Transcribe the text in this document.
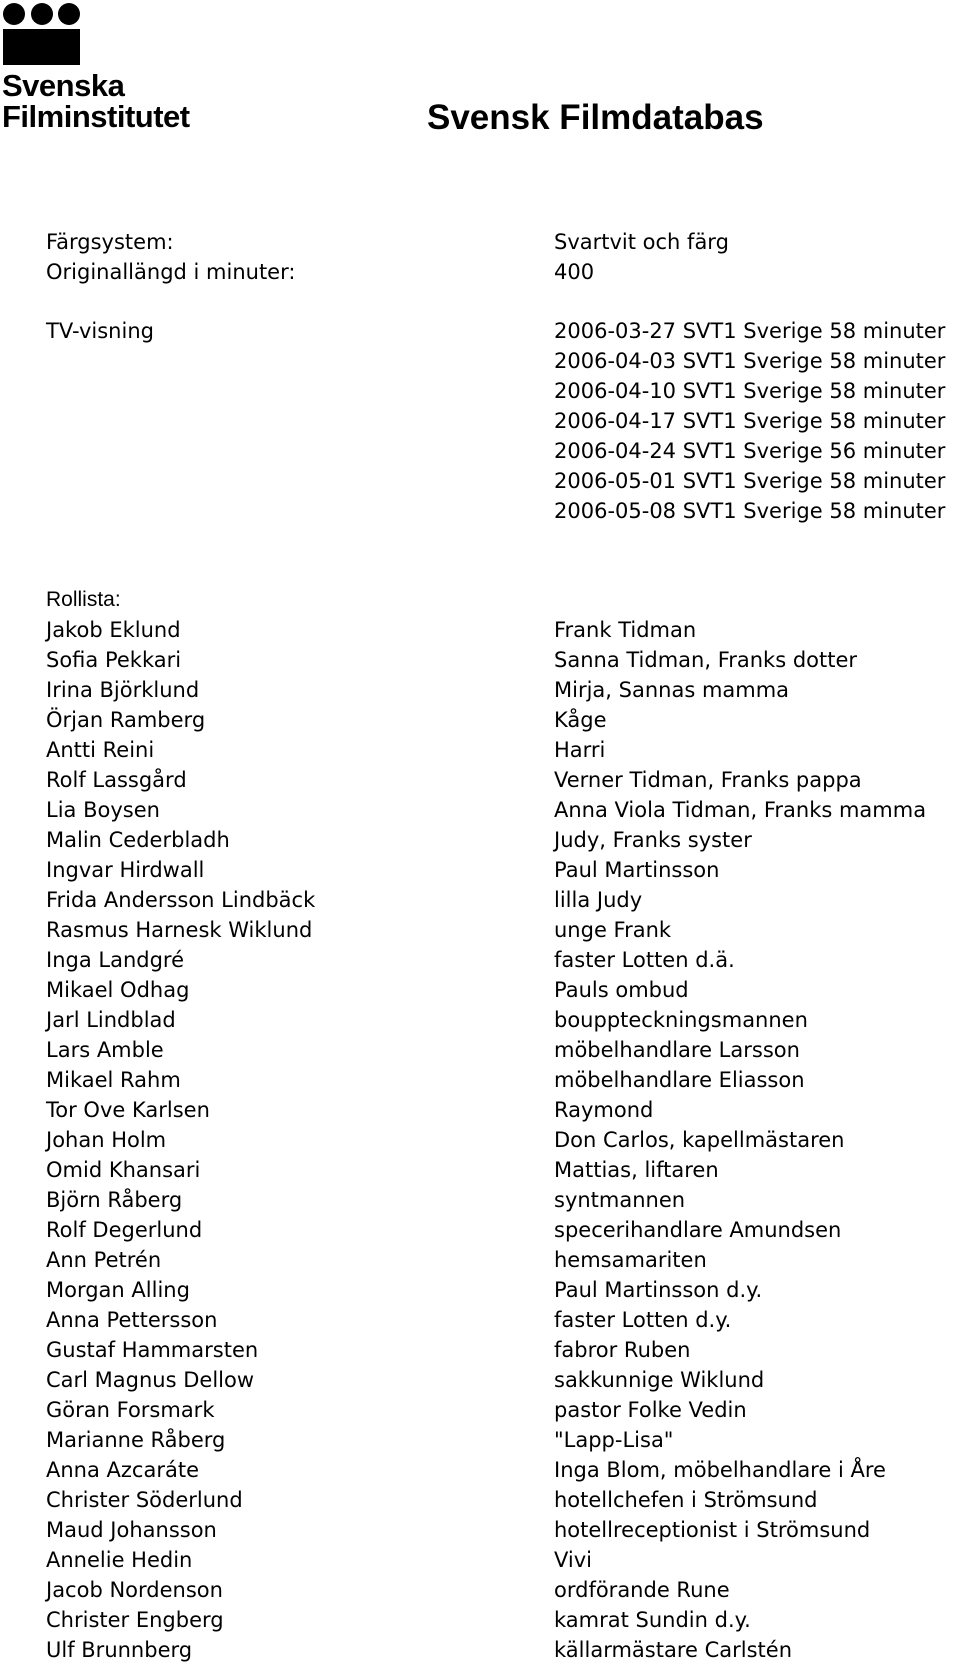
Svenska
Filminstitutet	Svensk Filmdatabas
Färgsystem:	Svartvit och färg
Originallängd i minuter:	400
TV-visning	2006-03-27 SVT1 Sverige 58 minuter
2006-04-03 SVT1 Sverige 58 minuter
2006-04-10 SVT1 Sverige 58 minuter
2006-04-17 SVT1 Sverige 58 minuter
2006-04-24 SVT1 Sverige 56 minuter
2006-05-01 SVT1 Sverige 58 minuter
2006-05-08 SVT1 Sverige 58 minuter
Rollista:
Jakob Eklund	Frank Tidman
Sofia Pekkari	Sanna Tidman, Franks dotter
Irina Björklund	Mirja, Sannas mamma
Örjan Ramberg	Kåge
Antti Reini	Harri
Rolf Lassgård	Verner Tidman, Franks pappa
Lia Boysen	Anna Viola Tidman, Franks mamma
Malin Cederbladh	Judy, Franks syster
Ingvar Hirdwall	Paul Martinsson
Frida Andersson Lindbäck	lilla Judy
Rasmus Harnesk Wiklund	unge Frank
Inga Landgré	faster Lotten d.ä.
Mikael Odhag	Pauls ombud
Jarl Lindblad	bouppteckningsmannen
Lars Amble	möbelhandlare Larsson
Mikael Rahm	möbelhandlare Eliasson
Tor Ove Karlsen	Raymond
Johan Holm	Don Carlos, kapellmästaren
Omid Khansari	Mattias, liftaren
Björn Råberg	syntmannen
Rolf Degerlund	specerihandlare Amundsen
Ann Petrén	hemsamariten
Morgan Alling	Paul Martinsson d.y.
Anna Pettersson	faster Lotten d.y.
Gustaf Hammarsten	fabror Ruben
Carl Magnus Dellow	sakkunnige Wiklund
Göran Forsmark	pastor Folke Vedin
Marianne Råberg	"Lapp-Lisa"
Anna Azcaráte	Inga Blom, möbelhandlare i Åre
Christer Söderlund	hotellchefen i Strömsund
Maud Johansson	hotellreceptionist i Strömsund
Annelie Hedin	Vivi
Jacob Nordenson	ordförande Rune
Christer Engberg	kamrat Sundin d.y.
Ulf Brunnberg	källarmästare Carlstén
